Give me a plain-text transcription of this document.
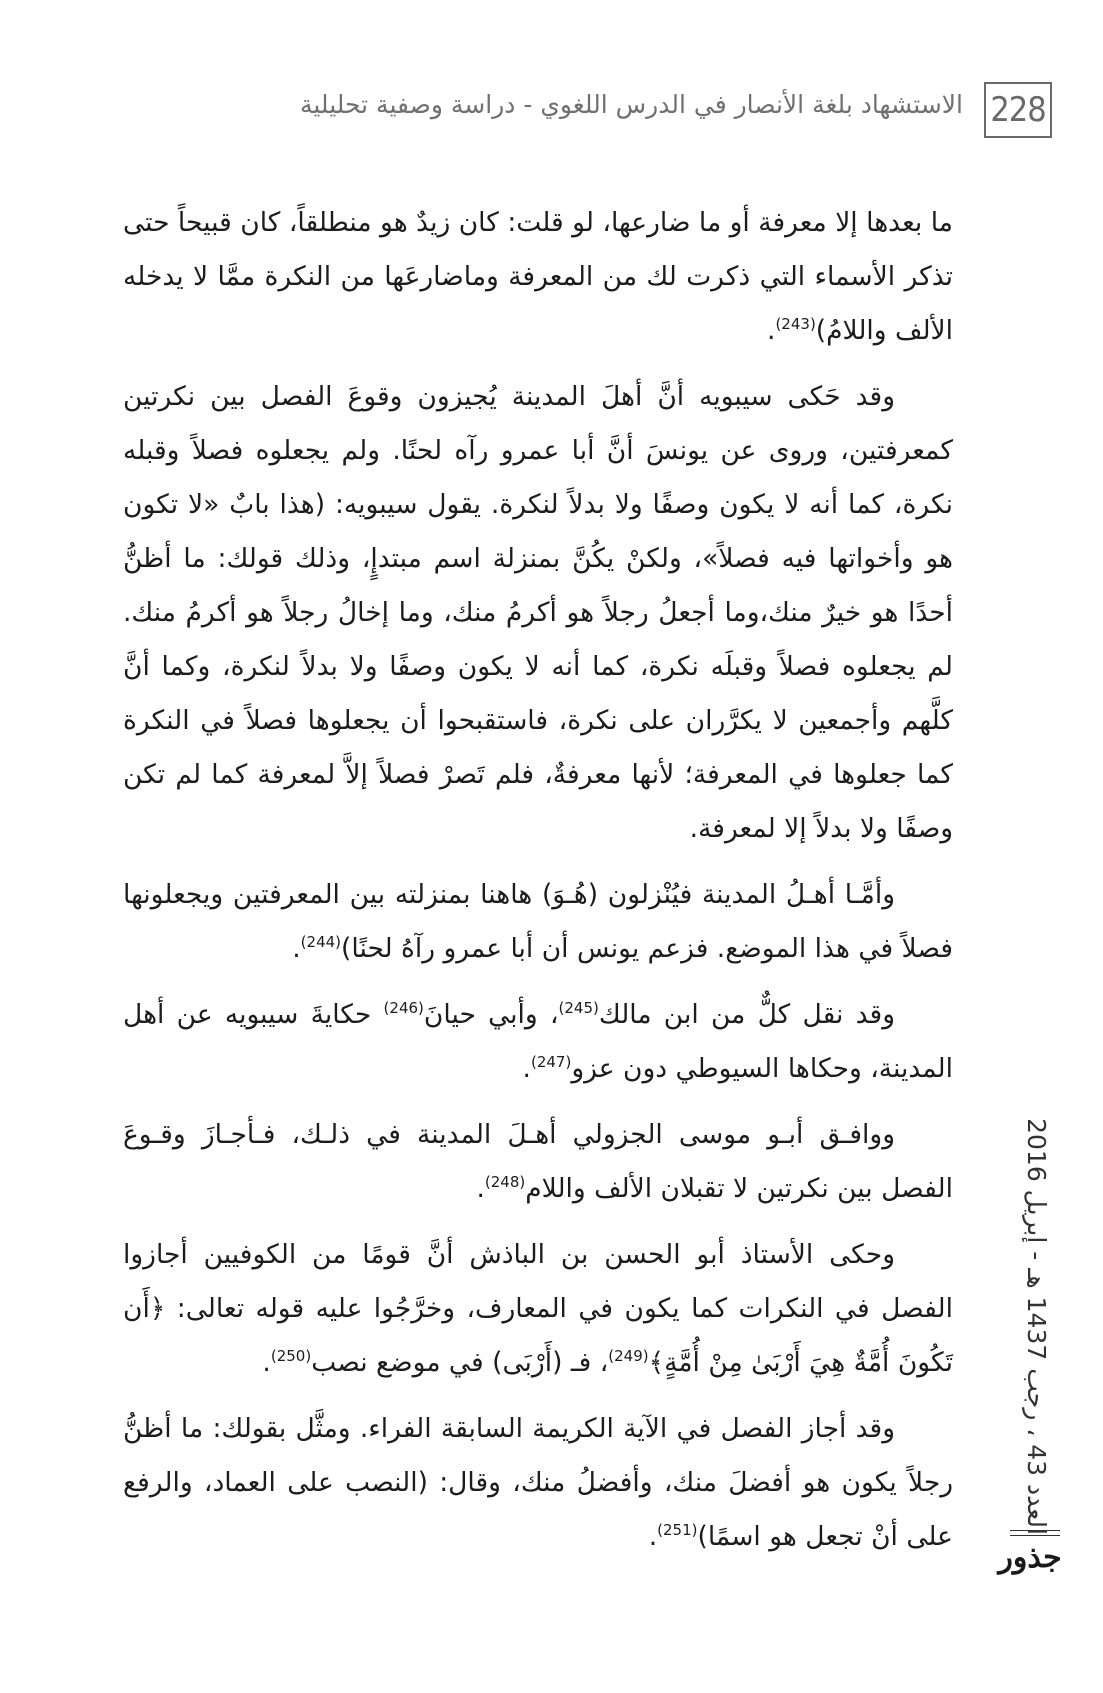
228
الاستشهاد بلغة الأنصار في الدرس اللغوي - دراسة وصفية تحليلية

ما بعدها إلا معرفة أو ما ضارعها، لو قلت: كان زيدٌ هو منطلقاً، كان قبيحاً حتى تذكر الأسماء التي ذكرت لك من المعرفة وماضارعَها من النكرة ممَّا لا يدخله الألف واللامُ)$^{(243)}$.

وقد حَكى سيبويه أنَّ أهلَ المدينة يُجيزون وقوعَ الفصل بين نكرتين كمعرفتين، وروى عن يونسَ أنَّ أبا عمرو رآه لحنًا. ولم يجعلوه فصلاً وقبله نكرة، كما أنه لا يكون وصفًا ولا بدلاً لنكرة. يقول سيبويه: (هذا بابٌ «لا تكون هو وأخواتها فيه فصلاً»، ولكنْ يكُنَّ بمنزلة اسم مبتدإٍ، وذلك قولك: ما أظنُّ أحدًا هو خيرٌ منك،وما أجعلُ رجلاً هو أكرمُ منك، وما إخالُ رجلاً هو أكرمُ منك. لم يجعلوه فصلاً وقبلَه نكرة، كما أنه لا يكون وصفًا ولا بدلاً لنكرة، وكما أنَّ كلَّهم وأجمعين لا يكرَّران على نكرة، فاستقبحوا أن يجعلوها فصلاً في النكرة كما جعلوها في المعرفة؛ لأنها معرفةٌ، فلم تَصرْ فصلاً إلاَّ لمعرفة كما لم تكن وصفًا ولا بدلاً إلا لمعرفة.

وأمَّـا أهـلُ المدينة فيُنْزلون (هُـوَ) هاهنا بمنزلته بين المعرفتين ويجعلونها فصلاً في هذا الموضع. فزعم يونس أن أبا عمرو رآهُ لحنًا)$^{(244)}$.

وقد نقل كلٌّ من ابن مالك$^{(245)}$، وأبي حيانَ$^{(246)}$ حكايةَ سيبويه عن أهل المدينة، وحكاها السيوطي دون عزو$^{(247)}$.

ووافـق أبـو موسى الجزولي أهـلَ المدينة في ذلـك، فـأجـازَ وقـوعَ الفصل بين نكرتين لا تقبلان الألف واللام$^{(248)}$.

وحكى الأستاذ أبو الحسن بن الباذش أنَّ قومًا من الكوفيين أجازوا الفصل في النكرات كما يكون في المعارف، وخرَّجُوا عليه قوله تعالى: ﴿أَن تَكُونَ أُمَّةٌ هِيَ أَرْبَىٰ مِنْ أُمَّةٍ﴾$^{(249)}$، فـ (أَرْبَى) في موضع نصب$^{(250)}$.

وقد أجاز الفصل في الآية الكريمة السابقة الفراء. ومثَّل بقولك: ما أظنُّ رجلاً يكون هو أفضلَ منك، وأفضلُ منك، وقال: (النصب على العماد، والرفع على أنْ تجعل هو اسمًا)$^{(251)}$.

العدد 43 ، رجب 1437 هـ - إبريل 2016
جذور
